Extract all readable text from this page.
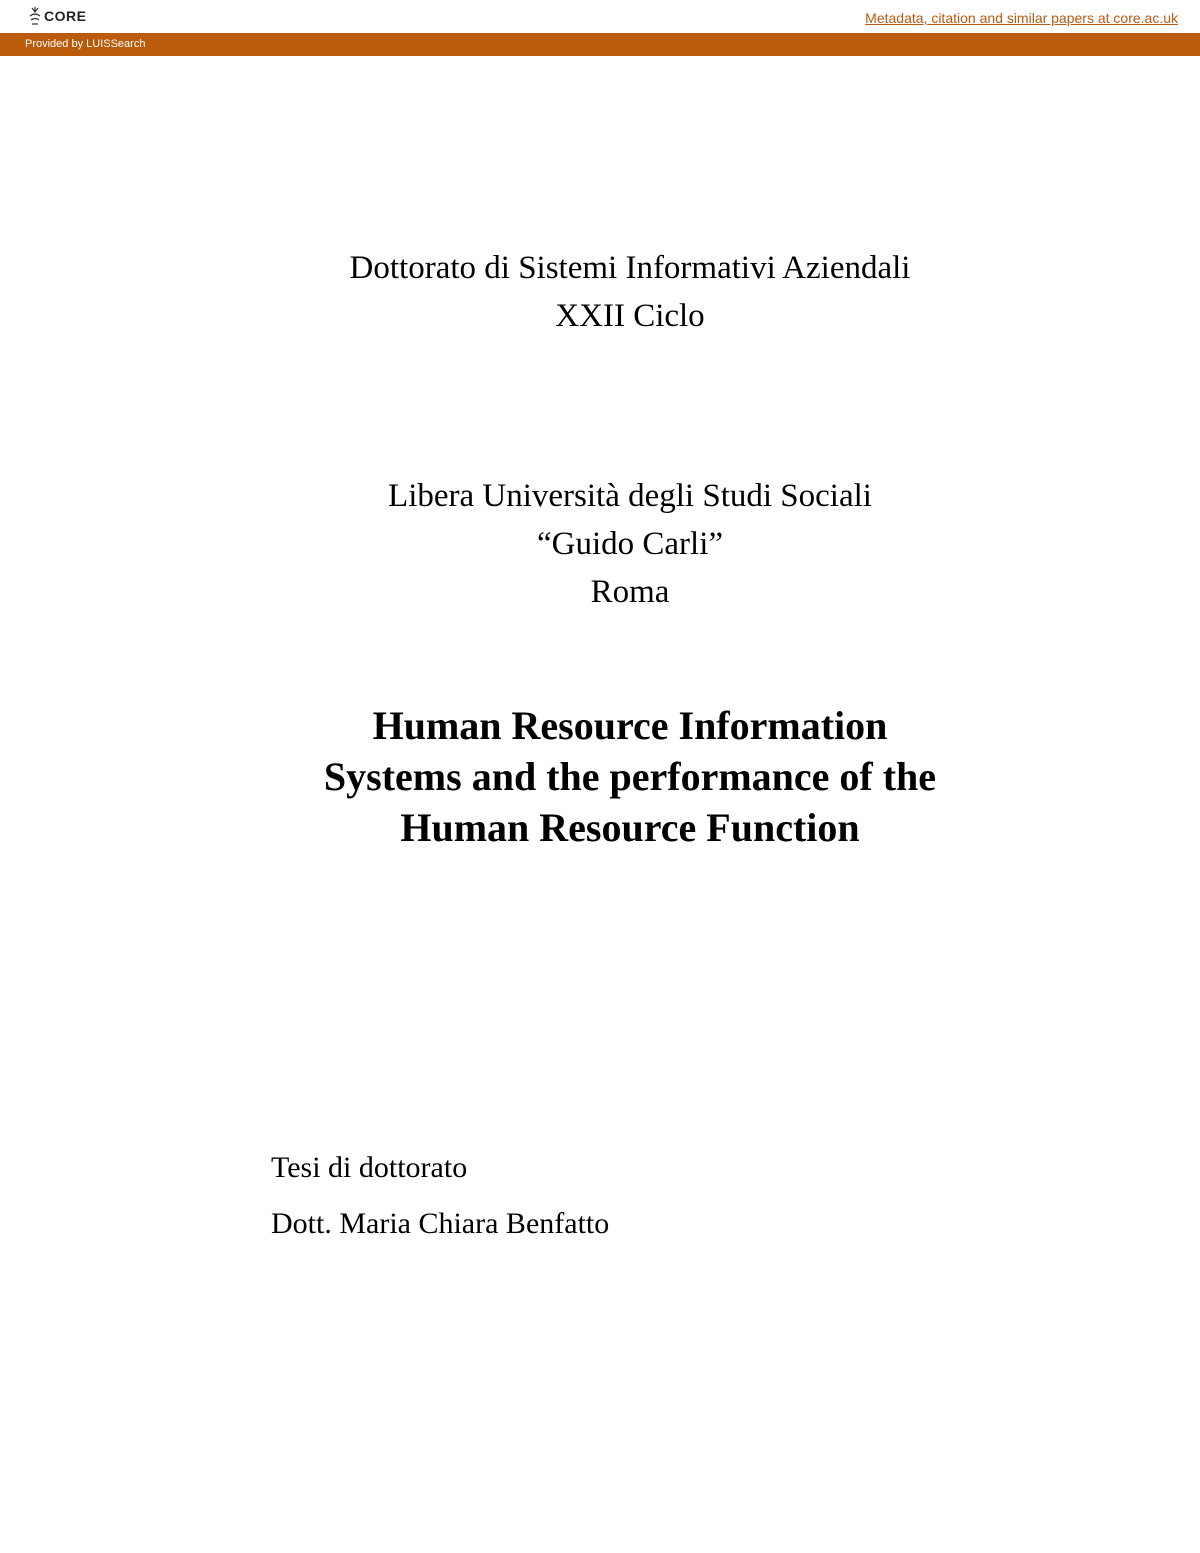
CORE	Metadata, citation and similar papers at core.ac.uk
Provided by LUISSearch
Dottorato di Sistemi Informativi Aziendali
XXII Ciclo
Libera Università degli Studi Sociali
“Guido Carli”
Roma
Human Resource Information
Systems and the performance of the
Human Resource Function
Tesi di dottorato
Dott. Maria Chiara Benfatto
